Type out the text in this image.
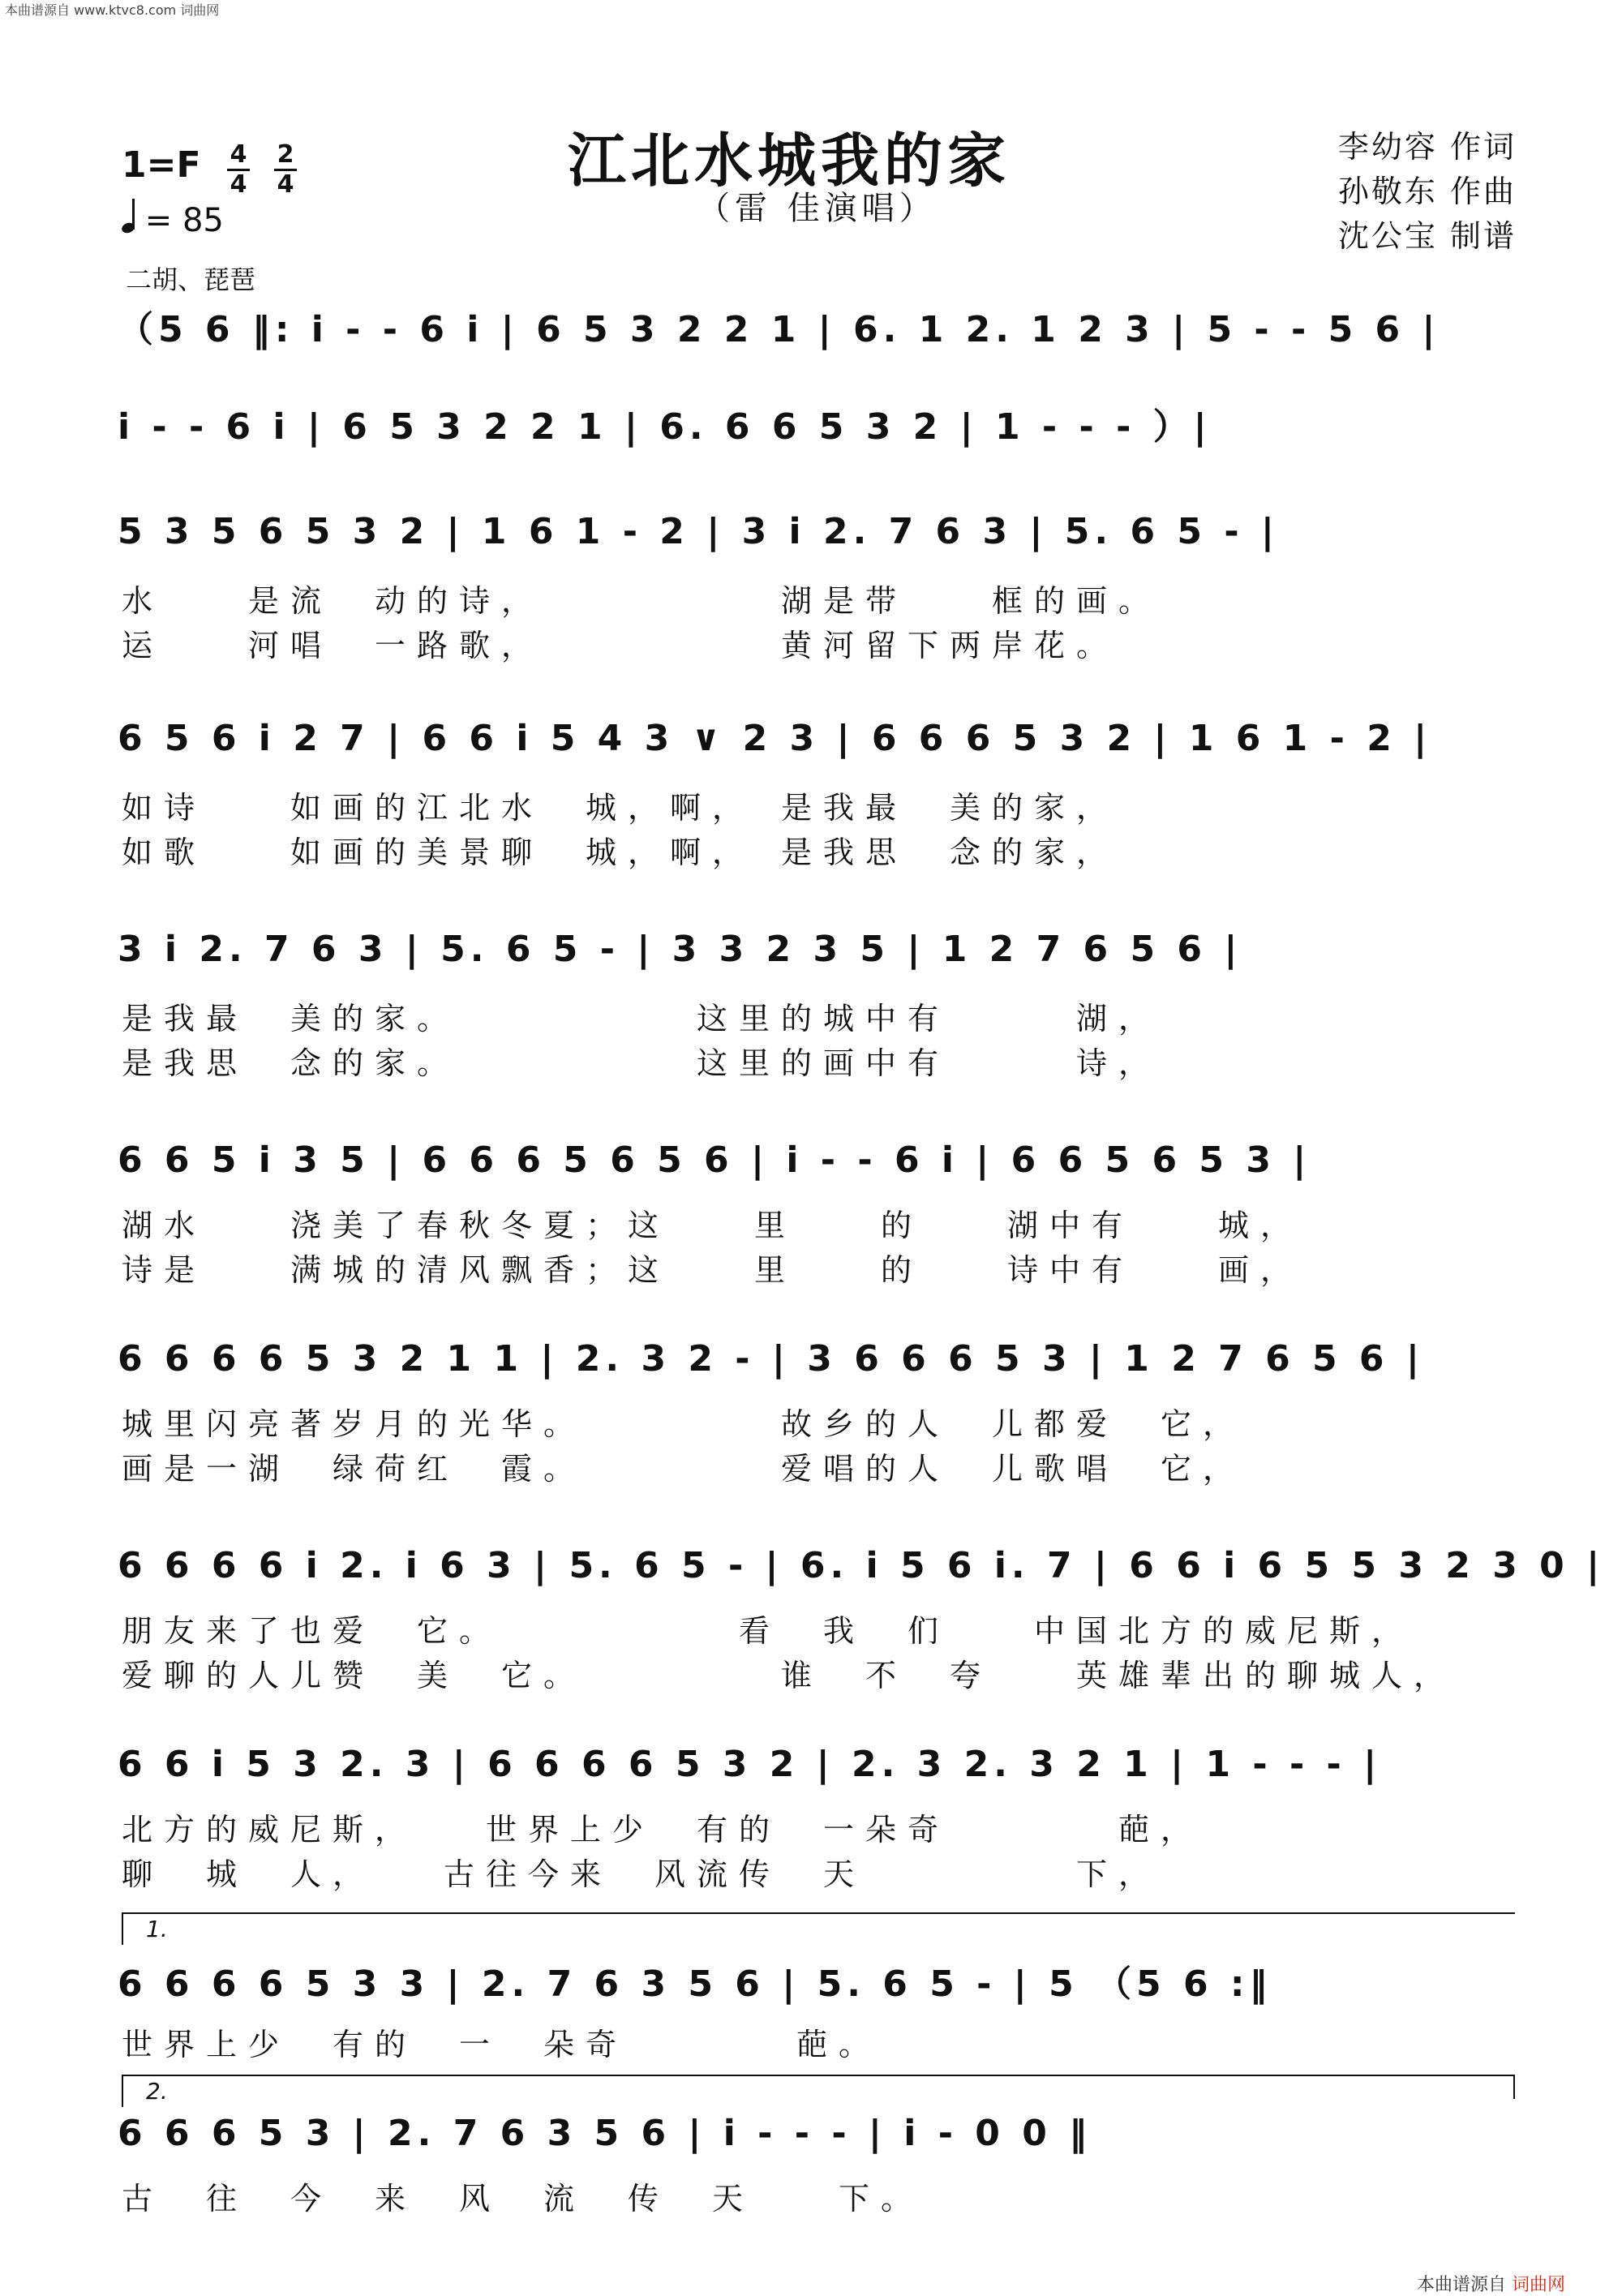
本曲谱源自 www.ktvc8.com 词曲网
江北水城我的家
（雷 佳演唱）
李幼容 作词
孙敬东 作曲
沈公宝 制谱
1=F 4
4
2
4
= 85
二胡、琵琶
（5 6 ‖: i̇ - - 6 i̇ | 6 5 3 2 2 1 | 6. 1 2. 1 2 3 | 5 - - 5 6 |
i̇ - - 6 i̇ | 6 5 3 2 2 1 | 6. 6 6 5 3 2 | 1 - - - ）|
5 3 5 6 5 3 2 | 1 6 1 - 2 | 3 i̇ 2. 7 6 3 | 5. 6 5 - |
水　　是流　动的诗，　　　　　　湖是带　　框的画。
运　　河唱　一路歌，　　　　　　黄河留下两岸花。
6 5 6 i̇ 2 7 | 6 6 i̇ 5 4 3 ∨ 2 3 | 6 6 6 5 3 2 | 1 6 1 - 2 |
如诗　　如画的江北水　城，啊，　是我最　美的家，
如歌　　如画的美景聊　城，啊，　是我思　念的家，
3 i̇ 2. 7 6 3 | 5. 6 5 - | 3 3 2 3 5 | 1 2 7 6 5 6 |
是我最　美的家。　　　　　　这里的城中有　　　湖，
是我思　念的家。　　　　　　这里的画中有　　　诗，
6 6 5 i̇ 3 5 | 6 6 6 5 6 5 6 | i̇ - - 6 i̇ | 6 6 5 6 5 3 |
湖水　　浇美了春秋冬夏；这　　里　　的　　湖中有　　城，
诗是　　满城的清风飘香；这　　里　　的　　诗中有　　画，
6 6 6 6 5 3 2 1 1 | 2. 3 2 - | 3 6 6 6 5 3 | 1 2 7 6 5 6 |
城里闪亮著岁月的光华。　　　　　故乡的人　儿都爱　它，
画是一湖　绿荷红　霞。　　　　　爱唱的人　儿歌唱　它，
6 6 6 6 i̇ 2. i̇ 6 3 | 5. 6 5 - | 6. i̇ 5 6 i̇. 7 | 6 6 i̇ 6 5 5 3 2 3 0 |
朋友来了也爱　它。　　　　　　看　我　们　　中国北方的威尼斯，
爱聊的人儿赞　美　它。　　　　　谁　不　夸　　英雄辈出的聊城人，
6 6 i̇ 5 3 2. 3 | 6 6 6 6 5 3 2 | 2. 3 2. 3 2 1 | 1 - - - |
北方的威尼斯，　　世界上少　有的　一朵奇　　　　葩，
聊　城　人，　　古往今来　风流传　天　　　　　下，
1.
6 6 6 6 5 3 3 | 2. 7 6 3 5 6 | 5. 6 5 - | 5 （5 6 :‖
世界上少　有的　一　朵奇　　　　葩。
2.
6 6 6 5 3 | 2. 7 6 3 5 6 | i̇ - - - | i̇ - 0 0 ‖
古　往　今　来　风　流　传　天　　下。
本曲谱源自 词曲网
